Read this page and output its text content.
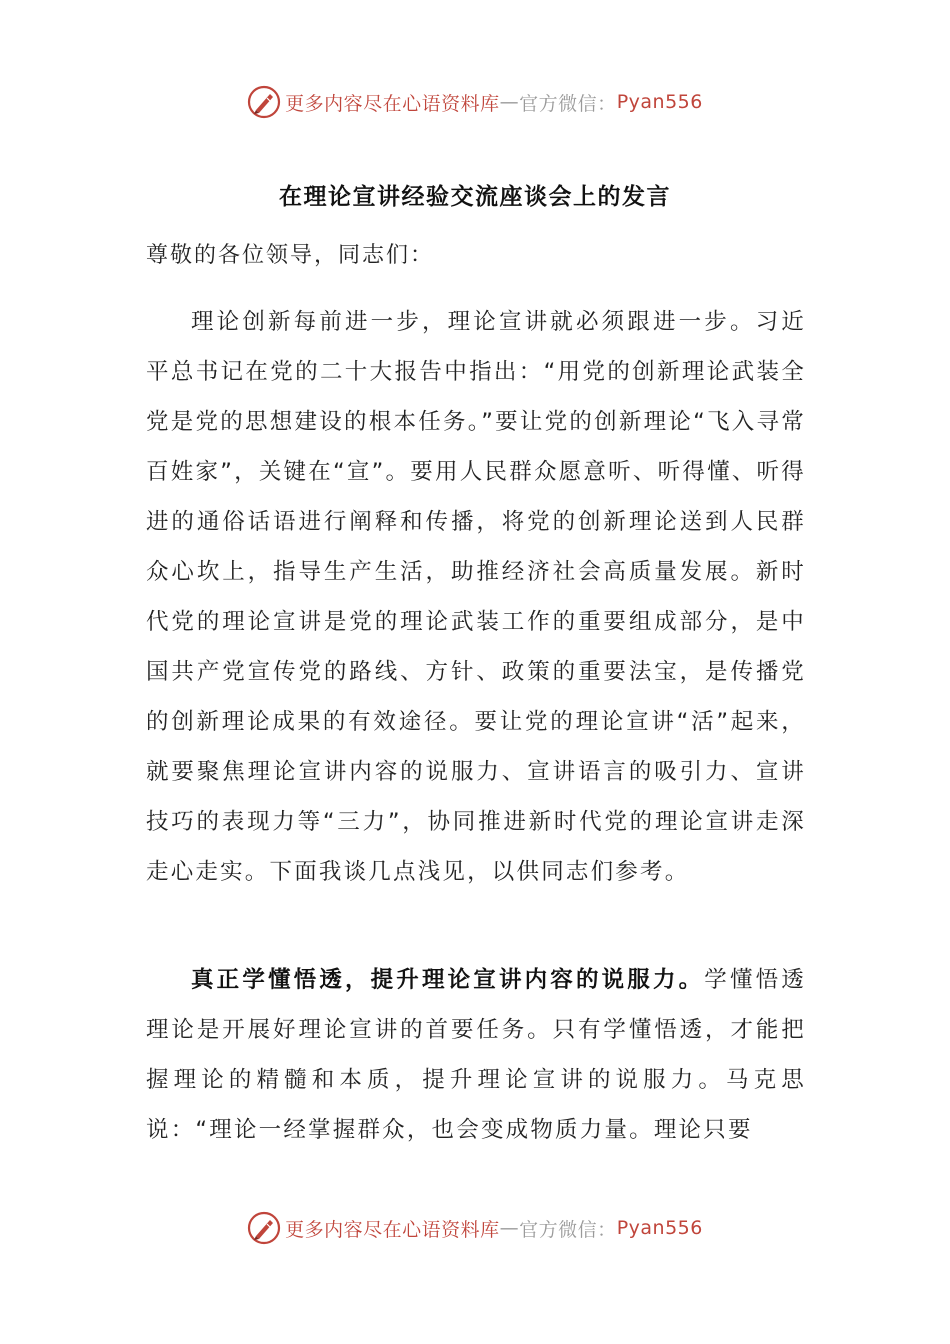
更多内容尽在心语资料库 — 官方微信： Pyan556
在理论宣讲经验交流座谈会上的发言
尊敬的各位领导，同志们：

理论创新每前进一步，理论宣讲就必须跟进一步。习近平总书记在党的二十大报告中指出：“用党的创新理论武装全党是党的思想建设的根本任务。”要让党的创新理论“飞入寻常百姓家”，关键在“宣”。要用人民群众愿意听、听得懂、听得进的通俗话语进行阐释和传播，将党的创新理论送到人民群众心坎上，指导生产生活，助推经济社会高质量发展。新时代党的理论宣讲是党的理论武装工作的重要组成部分，是中国共产党宣传党的路线、方针、政策的重要法宝，是传播党的创新理论成果的有效途径。要让党的理论宣讲“活”起来，就要聚焦理论宣讲内容的说服力、宣讲语言的吸引力、宣讲技巧的表现力等“三力”，协同推进新时代党的理论宣讲走深走心走实。下面我谈几点浅见，以供同志们参考。

真正学懂悟透，提升理论宣讲内容的说服力。学懂悟透理论是开展好理论宣讲的首要任务。只有学懂悟透，才能把握理论的精髓和本质，提升理论宣讲的说服力。马克思说：“理论一经掌握群众，也会变成物质力量。理论只要

更多内容尽在心语资料库 — 官方微信： Pyan556
